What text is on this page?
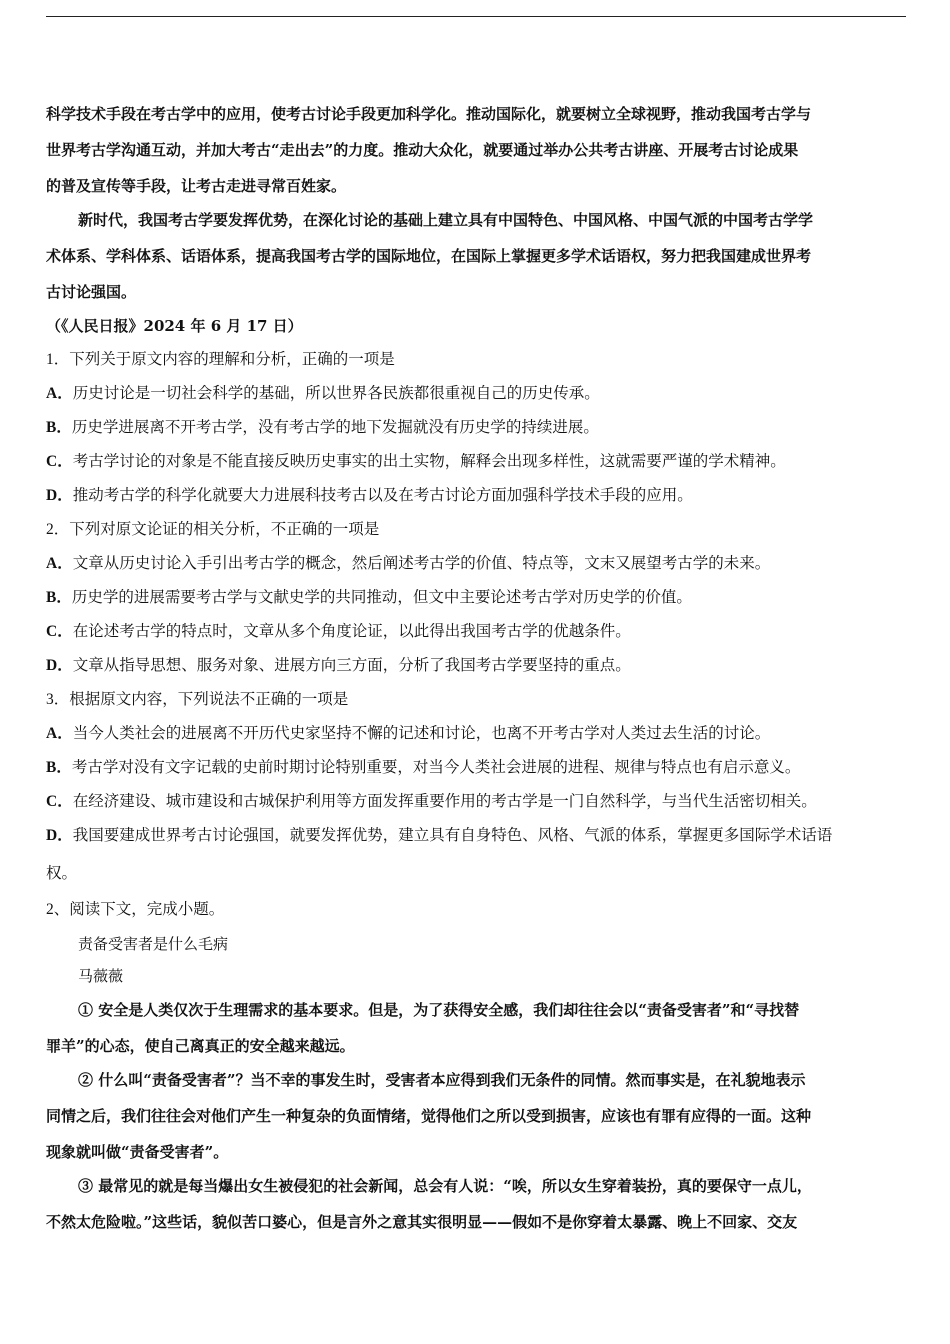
科学技术手段在考古学中的应用，使考古讨论手段更加科学化。推动国际化，就要树立全球视野，推动我国考古学与
世界考古学沟通互动，并加大考古“走出去”的力度。推动大众化，就要通过举办公共考古讲座、开展考古讨论成果
的普及宣传等手段，让考古走进寻常百姓家。
新时代，我国考古学要发挥优势，在深化讨论的基础上建立具有中国特色、中国风格、中国气派的中国考古学学
术体系、学科体系、话语体系，提高我国考古学的国际地位，在国际上掌握更多学术话语权，努力把我国建成世界考
古讨论强国。
（《人民日报》2024 年 6 月 17 日）
1．下列关于原文内容的理解和分析，正确的一项是
A．历史讨论是一切社会科学的基础，所以世界各民族都很重视自己的历史传承。
B．历史学进展离不开考古学，没有考古学的地下发掘就没有历史学的持续进展。
C．考古学讨论的对象是不能直接反映历史事实的出土实物，解释会出现多样性，这就需要严谨的学术精神。
D．推动考古学的科学化就要大力进展科技考古以及在考古讨论方面加强科学技术手段的应用。
2．下列对原文论证的相关分析，不正确的一项是
A．文章从历史讨论入手引出考古学的概念，然后阐述考古学的价值、特点等，文末又展望考古学的未来。
B．历史学的进展需要考古学与文献史学的共同推动，但文中主要论述考古学对历史学的价值。
C．在论述考古学的特点时，文章从多个角度论证，以此得出我国考古学的优越条件。
D．文章从指导思想、服务对象、进展方向三方面，分析了我国考古学要坚持的重点。
3．根据原文内容，下列说法不正确的一项是
A．当今人类社会的进展离不开历代史家坚持不懈的记述和讨论，也离不开考古学对人类过去生活的讨论。
B．考古学对没有文字记载的史前时期讨论特别重要，对当今人类社会进展的进程、规律与特点也有启示意义。
C．在经济建设、城市建设和古城保护利用等方面发挥重要作用的考古学是一门自然科学，与当代生活密切相关。
D．我国要建成世界考古讨论强国，就要发挥优势，建立具有自身特色、风格、气派的体系，掌握更多国际学术话语
权。
2、阅读下文，完成小题。
责备受害者是什么毛病
马薇薇
① 安全是人类仅次于生理需求的基本要求。但是，为了获得安全感，我们却往往会以“责备受害者”和“寻找替
罪羊”的心态，使自己离真正的安全越来越远。
② 什么叫“责备受害者”？当不幸的事发生时，受害者本应得到我们无条件的同情。然而事实是，在礼貌地表示
同情之后，我们往往会对他们产生一种复杂的负面情绪，觉得他们之所以受到损害，应该也有罪有应得的一面。这种
现象就叫做“责备受害者”。
③ 最常见的就是每当爆出女生被侵犯的社会新闻，总会有人说：“唉，所以女生穿着装扮，真的要保守一点儿，
不然太危险啦。”这些话，貌似苦口婆心，但是言外之意其实很明显——假如不是你穿着太暴露、晚上不回家、交友
